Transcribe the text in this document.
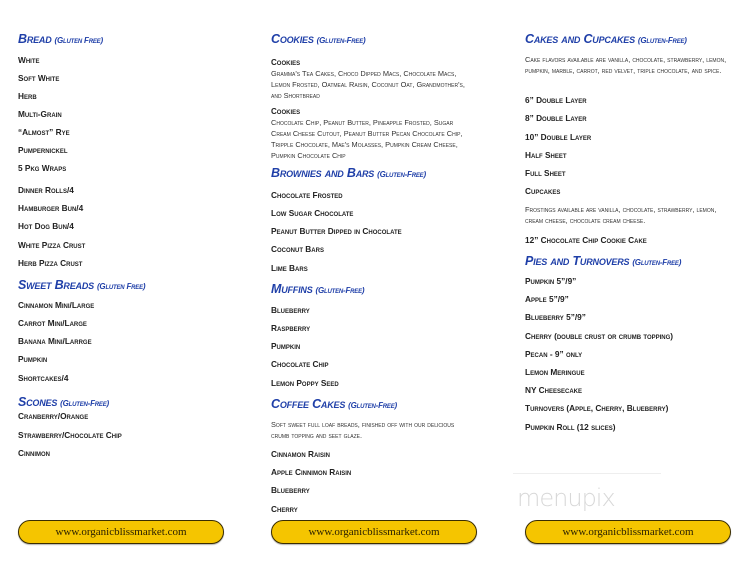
menupix
www.organicblissmarket.com	www.organicblissmarket.com	www.organicblissmarket.com
Bread (Gluten Free)
White
Soft White
Herb
Multi-Grain
“Almost” Rye
Pumpernickel
5 Pkg Wraps
Dinner Rolls/4
Hamburger Bun/4
Hot Dog Bun/4
White Pizza Crust
Herb Pizza Crust
Sweet Breads (Gluten Free)
Cinnamon Mini/Large
Carrot Mini/Large
Banana Mini/Larrge
Pumpkin
Shortcakes/4
Scones (Gluten-Free)
Cranberry/Orange
Strawberry/Chocolate Chip
Cinnimon
Cookies (Gluten-Free)
Cookies
Gramma's Tea Cakes, Choco Dipped Macs, Chocolate Macs, Lemon Frosted, Oatmeal Raisin, Coconut Oat, Grandmother's, and Shortbread
Cookies
Chocolate Chip, Peanut Butter, Pineapple Frosted, Sugar Cream Cheese Cutout, Peanut Butter Pecan Chocolate Chip, Tripple Chocolate, Mae's Molasses, Pumpkin Cream Cheese, Pumpkin Chocolate Chip
Brownies and Bars (Gluten-Free)
Chocolate Frosted
Low Sugar Chocolate
Peanut Butter Dipped in Chocolate
Coconut Bars
Lime Bars
Muffins (Gluten-Free)
Blueberry
Raspberry
Pumpkin
Chocolate Chip
Lemon Poppy Seed
Coffee Cakes (Gluten-Free)
Soft sweet full loaf breads, finished off with our delicious crumb topping and seet glaze.
Cinnamon Raisin
Apple Cinnimon Raisin
Blueberry
Cherry
Cakes and Cupcakes (Gluten-Free)
Cake flavors available are vanilla, chocolate, strawberry, lemon, pumpkin, marble, carrot, red velvet, triple chocolate, and spice.
6” Double Layer
8” Double Layer
10” Double Layer
Half Sheet
Full Sheet
Cupcakes
Frostings available are vanilla, chocolate, strawberry, lemon, cream cheese, chocolate cream cheese.
12” Chocolate Chip Cookie Cake
Pies and Turnovers (Gluten-Free)
Pumpkin 5”/9”
Apple 5”/9”
Blueberry 5”/9”
Cherry (double crust or crumb topping)
Pecan - 9” only
Lemon Meringue
NY Cheesecake
Turnovers (Apple, Cherry, Blueberry)
Pumpkin Roll (12 slices)
